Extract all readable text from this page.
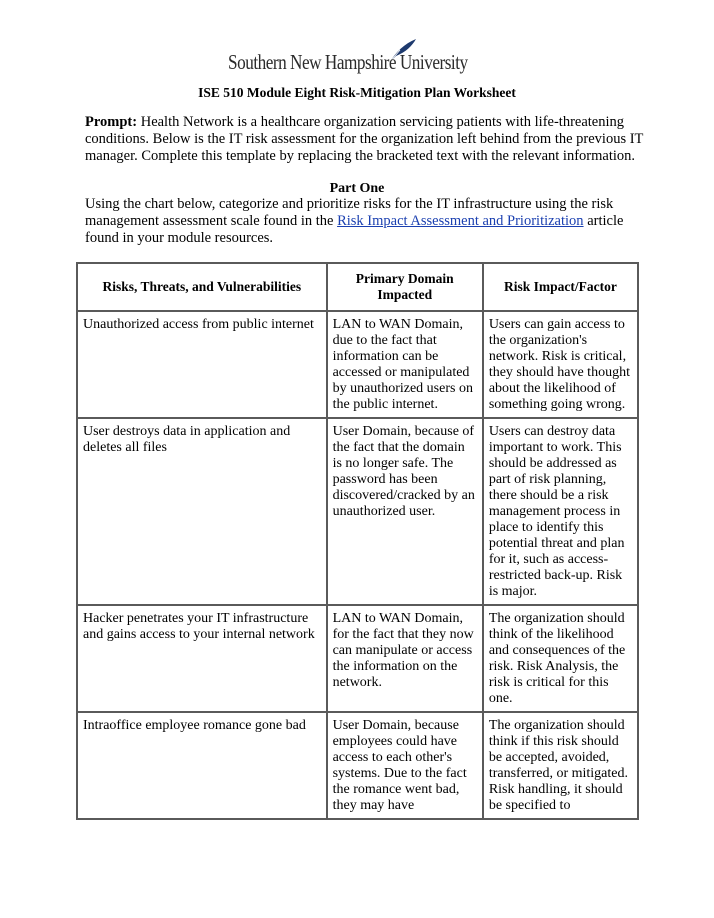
Southern New Hampshire University
ISE 510 Module Eight Risk-Mitigation Plan Worksheet
Prompt: Health Network is a healthcare organization servicing patients with life-threatening conditions. Below is the IT risk assessment for the organization left behind from the previous IT manager. Complete this template by replacing the bracketed text with the relevant information.
Part One
Using the chart below, categorize and prioritize risks for the IT infrastructure using the risk management assessment scale found in the Risk Impact Assessment and Prioritization article found in your module resources.
Risks, Threats, and Vulnerabilities	Primary Domain Impacted	Risk Impact/Factor
Unauthorized access from public internet	LAN to WAN Domain, due to the fact that information can be accessed or manipulated by unauthorized users on the public internet.	Users can gain access to the organization's network. Risk is critical, they should have thought about the likelihood of something going wrong.
User destroys data in application and deletes all files	User Domain, because of the fact that the domain is no longer safe. The password has been discovered/cracked by an unauthorized user.	Users can destroy data important to work. This should be addressed as part of risk planning, there should be a risk management process in place to identify this potential threat and plan for it, such as access-restricted back-up. Risk is major.
Hacker penetrates your IT infrastructure and gains access to your internal network	LAN to WAN Domain, for the fact that they now can manipulate or access the information on the network.	The organization should think of the likelihood and consequences of the risk. Risk Analysis, the risk is critical for this one.
Intraoffice employee romance gone bad	User Domain, because employees could have access to each other's systems. Due to the fact the romance went bad, they may have	The organization should think if this risk should be accepted, avoided, transferred, or mitigated. Risk handling, it should be specified to
